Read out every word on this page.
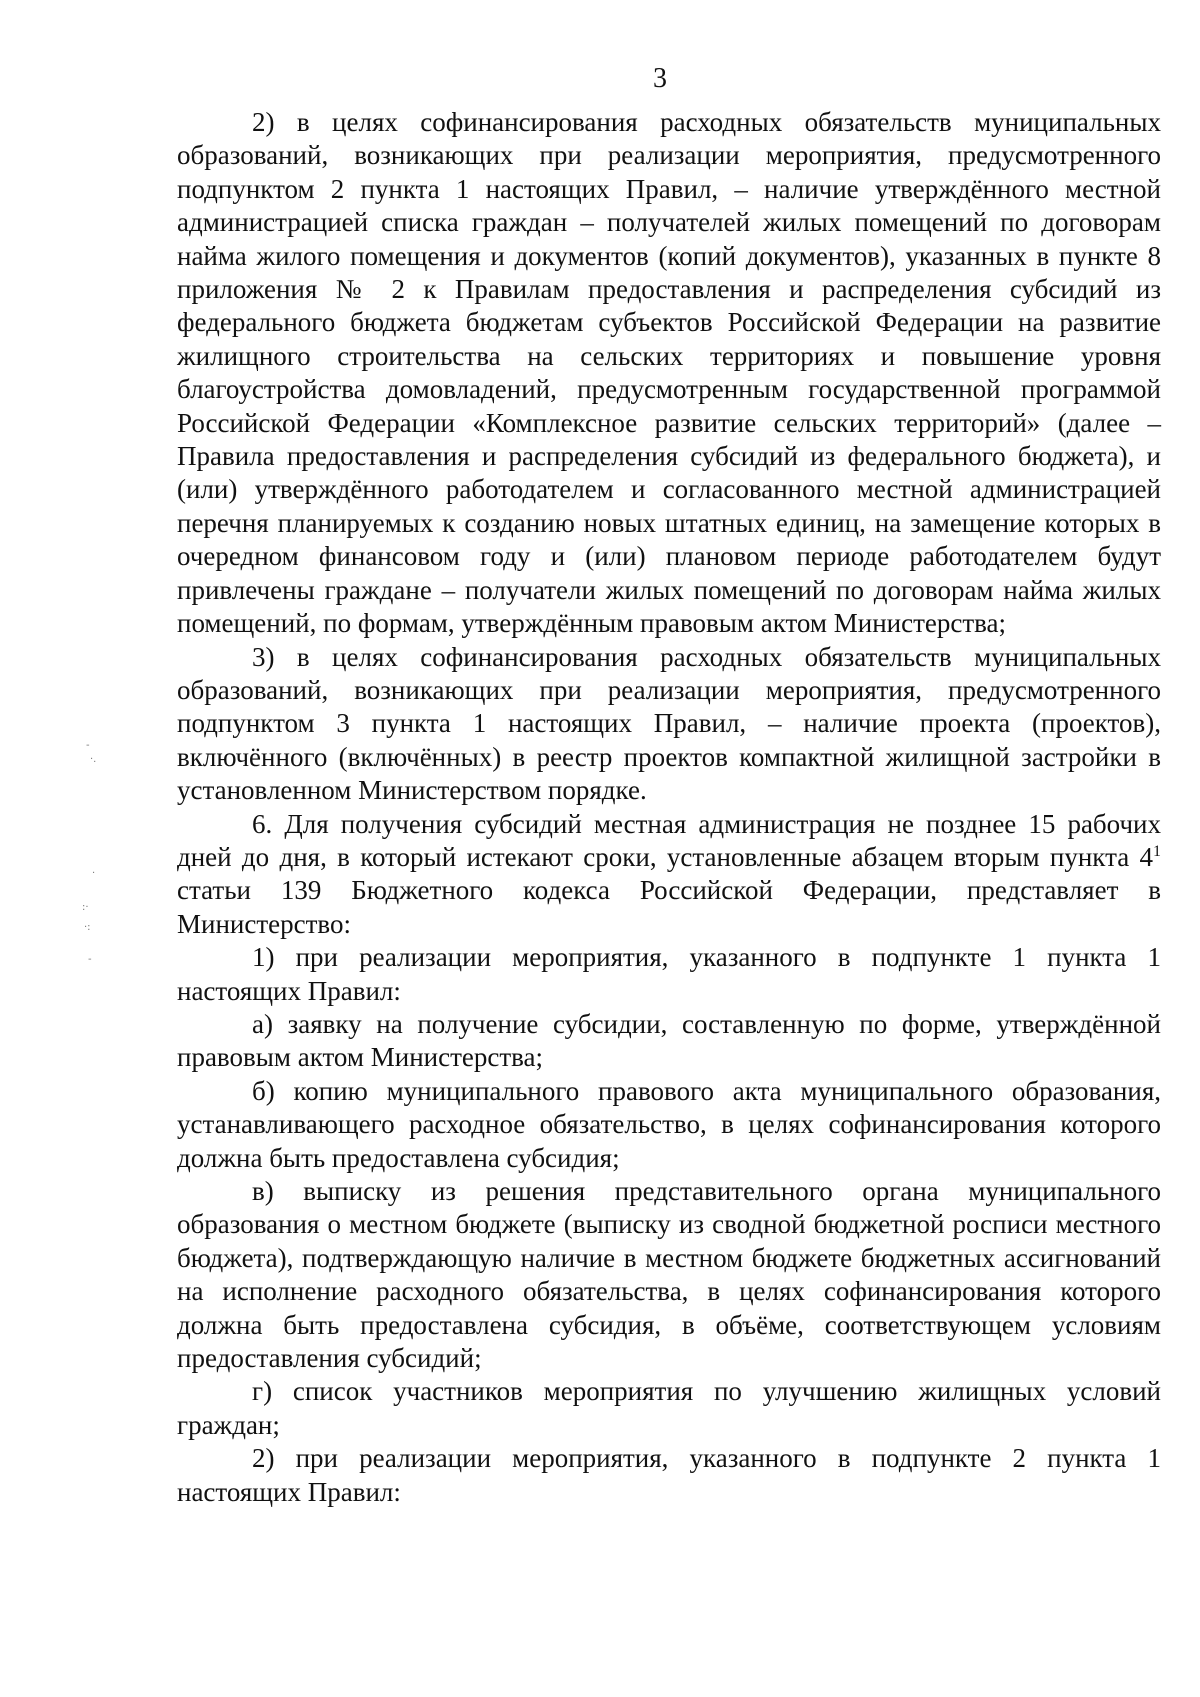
3
-
·.
·
:·
·:
-

2) в целях софинансирования расходных обязательств муниципальных образований, возникающих при реализации мероприятия, предусмотренного подпунктом 2 пункта 1 настоящих Правил, – наличие утверждённого местной администрацией списка граждан – получателей жилых помещений по договорам найма жилого помещения и документов (копий документов), указанных в пункте 8 приложения № 2 к Правилам предоставления и распределения субсидий из федерального бюджета бюджетам субъектов Российской Федерации на развитие жилищного строительства на сельских территориях и повышение уровня благоустройства домовладений, предусмотренным государственной программой Российской Федерации «Комплексное развитие сельских территорий» (далее – Правила предоставления и распределения субсидий из федерального бюджета), и (или) утверждённого работодателем и согласованного местной администрацией перечня планируемых к созданию новых штатных единиц, на замещение которых в очередном финансовом году и (или) плановом периоде работодателем будут привлечены граждане – получатели жилых помещений по договорам найма жилых помещений, по формам, утверждённым правовым актом Министерства;

3) в целях софинансирования расходных обязательств муниципальных образований, возникающих при реализации мероприятия, предусмотренного подпунктом 3 пункта 1 настоящих Правил, – наличие проекта (проектов), включённого (включённых) в реестр проектов компактной жилищной застройки в установленном Министерством порядке.

6. Для получения субсидий местная администрация не позднее 15 рабочих дней до дня, в который истекают сроки, установленные абзацем вторым пункта $4^1$ статьи 139 Бюджетного кодекса Российской Федерации, представляет в Министерство:

1) при реализации мероприятия, указанного в подпункте 1 пункта 1 настоящих Правил:

а) заявку на получение субсидии, составленную по форме, утверждённой правовым актом Министерства;

б) копию муниципального правового акта муниципального образования, устанавливающего расходное обязательство, в целях софинансирования которого должна быть предоставлена субсидия;

в) выписку из решения представительного органа муниципального образования о местном бюджете (выписку из сводной бюджетной росписи местного бюджета), подтверждающую наличие в местном бюджете бюджетных ассигнований на исполнение расходного обязательства, в целях софинансирования которого должна быть предоставлена субсидия, в объёме, соответствующем условиям предоставления субсидий;

г) список участников мероприятия по улучшению жилищных условий граждан;

2) при реализации мероприятия, указанного в подпункте 2 пункта 1 настоящих Правил:
